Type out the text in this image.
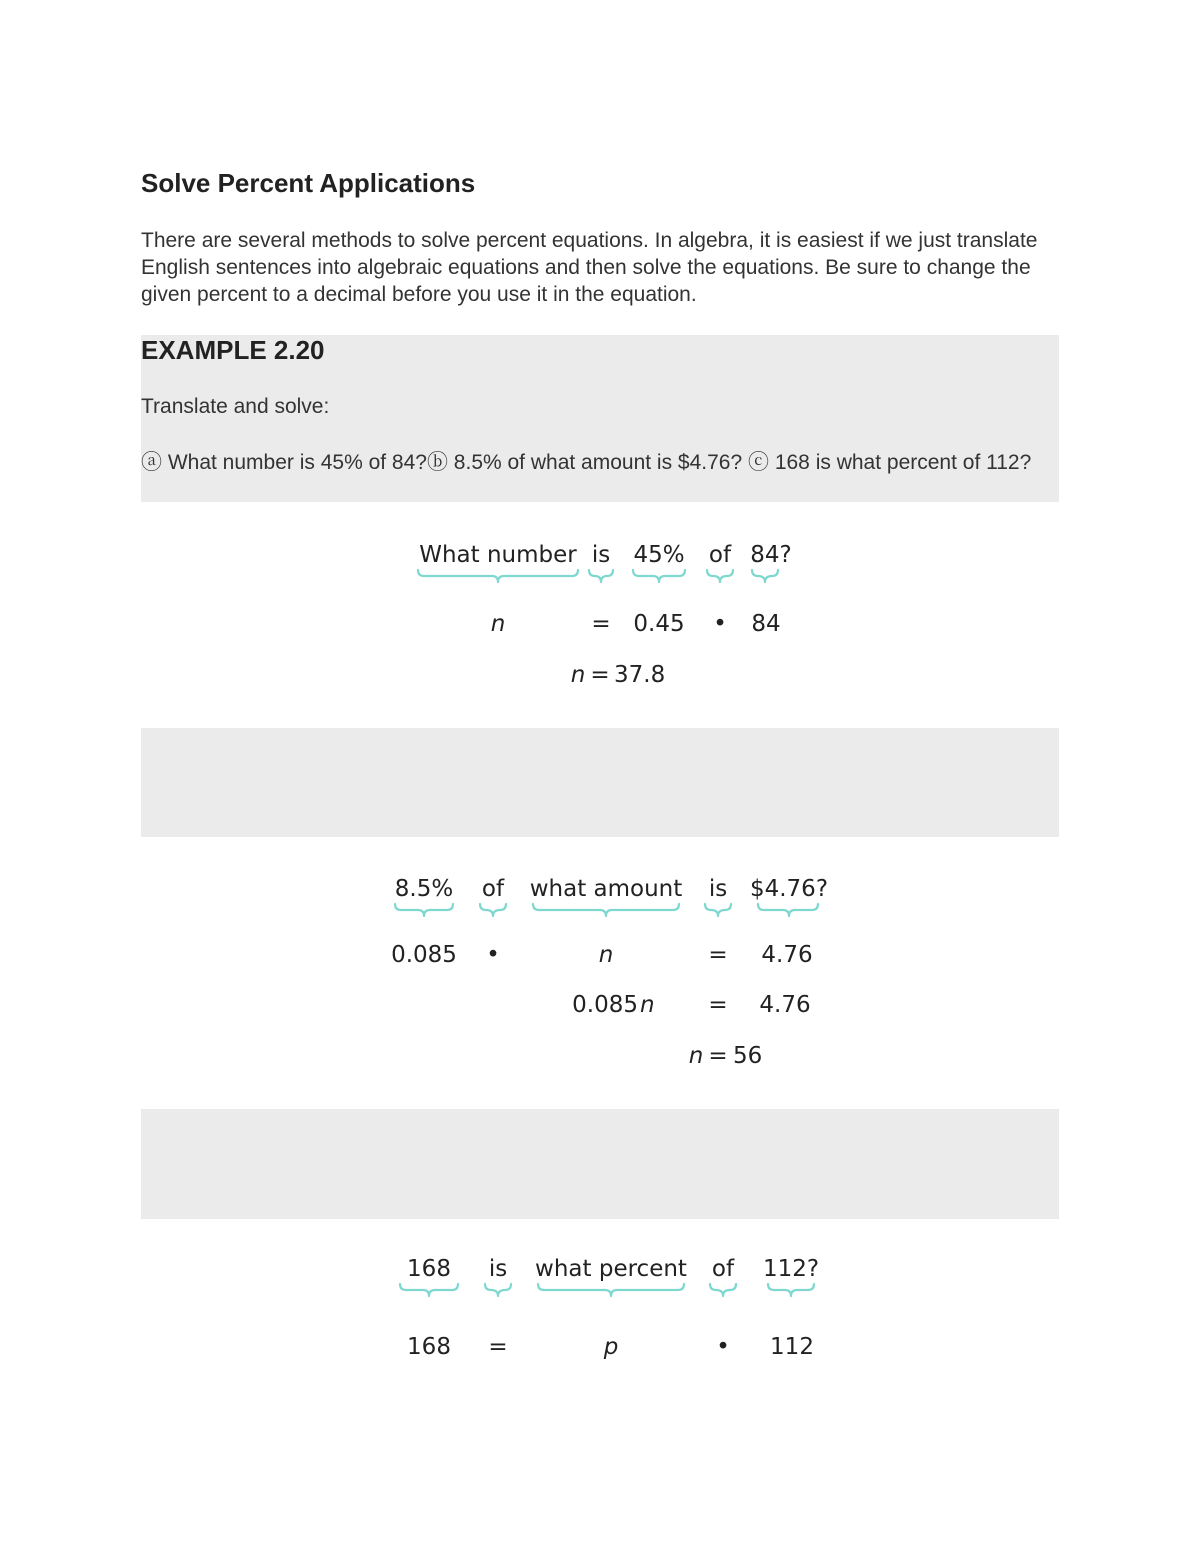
Solve Percent Applications

There are several methods to solve percent equations. In algebra, it is easiest if we just translate English sentences into algebraic equations and then solve the equations. Be sure to change the given percent to a decimal before you use it in the equation.

EXAMPLE 2.20
Translate and solve:
ⓐ What number is 45% of 84?ⓑ 8.5% of what amount is $4.76? ⓒ 168 is what percent of 112?
What number is 45% of 84?
n	= 0.45 • 84
n = 37.8
8.5% of what amount is $4.76?
0.085 •	n	= 4.76
0.085 n = 4.76
n = 56
168 is what percent of 112?
168 =	p	• 112
